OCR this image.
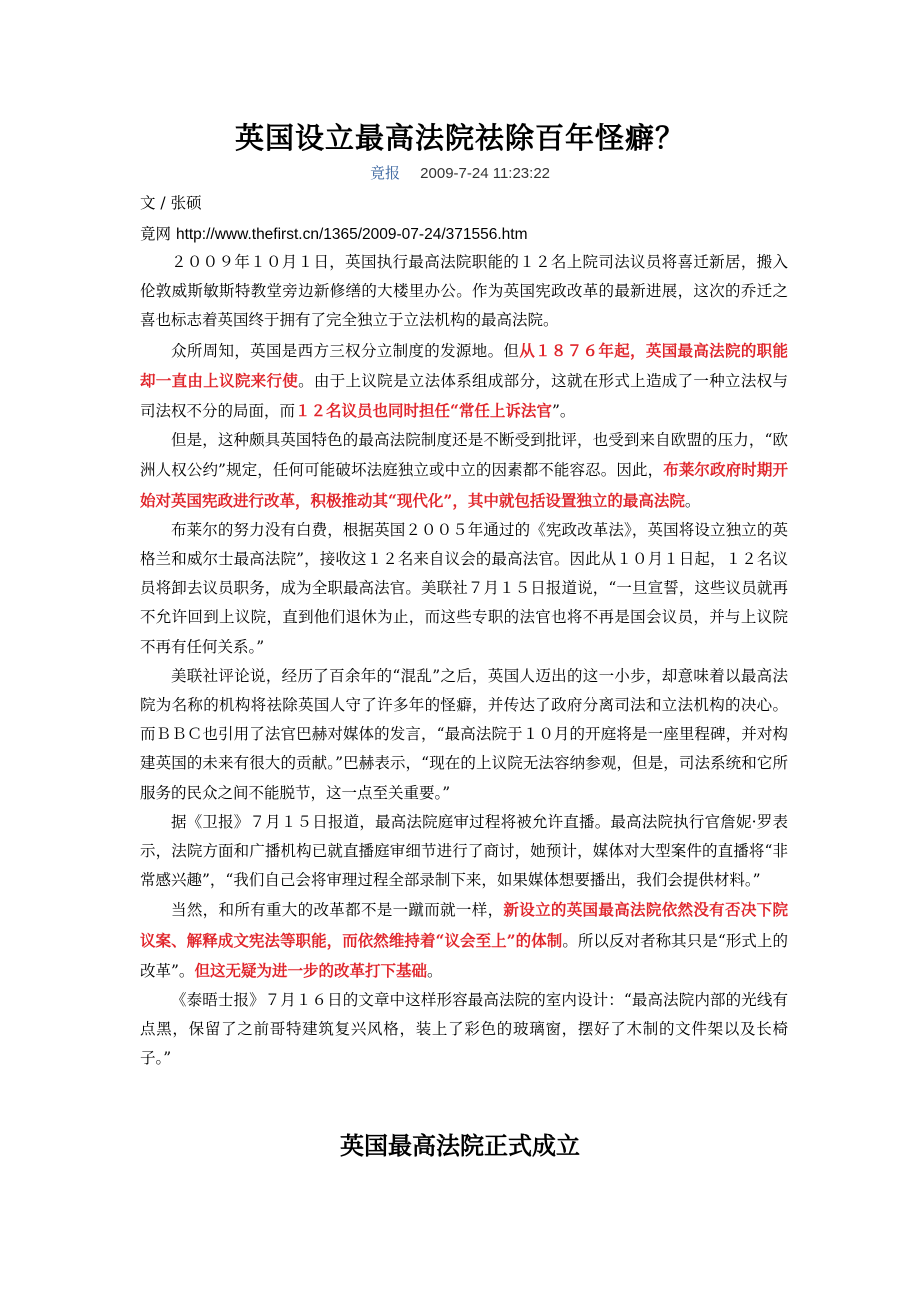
英国设立最高法院祛除百年怪癖？
竟报 2009-7-24 11:23:22
文 / 张硕
竟网 http://www.thefirst.cn/1365/2009-07-24/371556.htm

２００９年１０月１日，英国执行最高法院职能的１２名上院司法议员将喜迁新居，搬入伦敦威斯敏斯特教堂旁边新修缮的大楼里办公。作为英国宪政改革的最新进展，这次的乔迁之喜也标志着英国终于拥有了完全独立于立法机构的最高法院。

众所周知，英国是西方三权分立制度的发源地。但从１８７６年起，英国最高法院的职能却一直由上议院来行使。由于上议院是立法体系组成部分，这就在形式上造成了一种立法权与司法权不分的局面，而１２名议员也同时担任“常任上诉法官”。

但是，这种颇具英国特色的最高法院制度还是不断受到批评，也受到来自欧盟的压力，“欧洲人权公约”规定，任何可能破坏法庭独立或中立的因素都不能容忍。因此，布莱尔政府时期开始对英国宪政进行改革，积极推动其“现代化”，其中就包括设置独立的最高法院。

布莱尔的努力没有白费，根据英国２００５年通过的《宪政改革法》，英国将设立独立的英格兰和威尔士最高法院”，接收这１２名来自议会的最高法官。因此从１０月１日起，１２名议员将卸去议员职务，成为全职最高法官。美联社７月１５日报道说，“一旦宣誓，这些议员就再不允许回到上议院，直到他们退休为止，而这些专职的法官也将不再是国会议员，并与上议院不再有任何关系。”

美联社评论说，经历了百余年的“混乱”之后，英国人迈出的这一小步，却意味着以最高法院为名称的机构将祛除英国人守了许多年的怪癖，并传达了政府分离司法和立法机构的决心。而ＢＢＣ也引用了法官巴赫对媒体的发言，“最高法院于１０月的开庭将是一座里程碑，并对构建英国的未来有很大的贡献。”巴赫表示，“现在的上议院无法容纳参观，但是，司法系统和它所服务的民众之间不能脱节，这一点至关重要。”

据《卫报》７月１５日报道，最高法院庭审过程将被允许直播。最高法院执行官詹妮·罗表示，法院方面和广播机构已就直播庭审细节进行了商讨，她预计，媒体对大型案件的直播将“非常感兴趣”，“我们自己会将审理过程全部录制下来，如果媒体想要播出，我们会提供材料。”

当然，和所有重大的改革都不是一蹴而就一样，新设立的英国最高法院依然没有否决下院议案、解释成文宪法等职能，而依然维持着“议会至上”的体制。所以反对者称其只是“形式上的改革”。但这无疑为进一步的改革打下基础。

《泰晤士报》７月１６日的文章中这样形容最高法院的室内设计：“最高法院内部的光线有点黑，保留了之前哥特建筑复兴风格，装上了彩色的玻璃窗，摆好了木制的文件架以及长椅子。”

英国最高法院正式成立
